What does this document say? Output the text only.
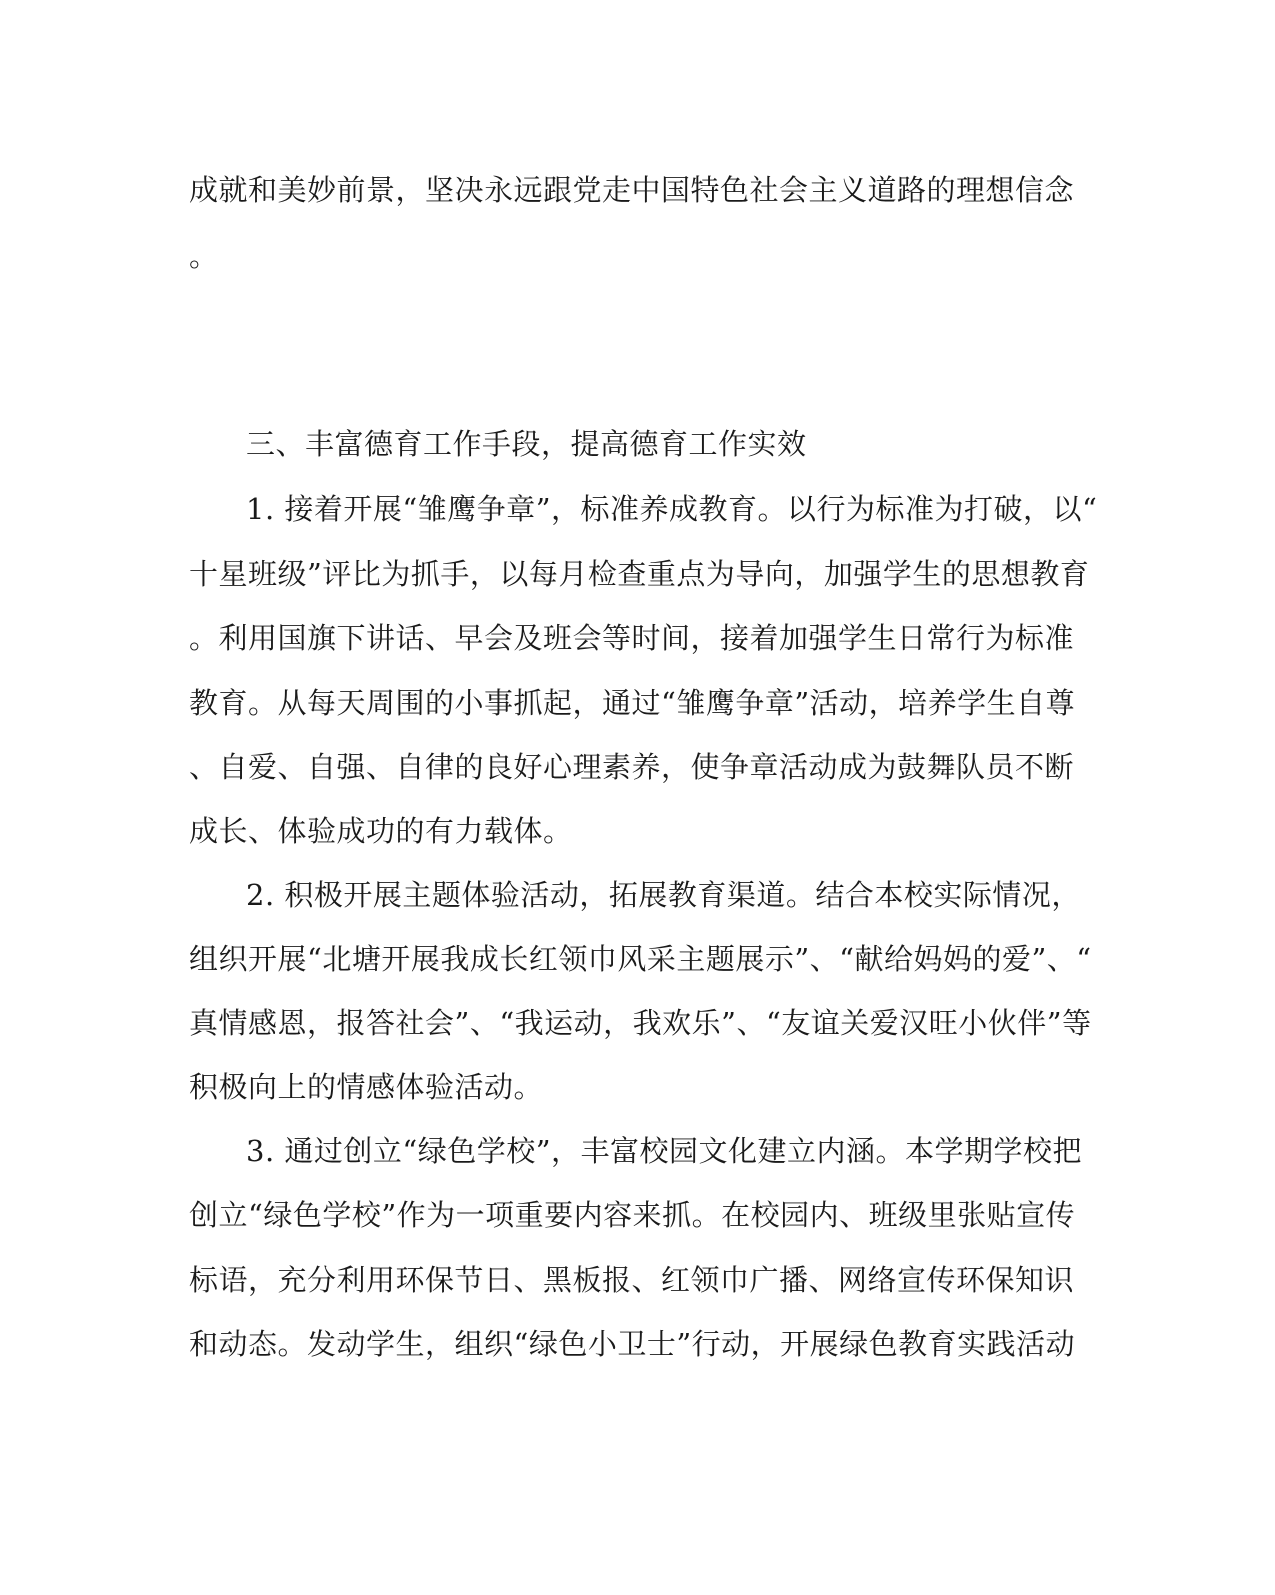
成就和美妙前景，坚决永远跟党走中国特色社会主义道路的理想信念
。
三、丰富德育工作手段，提高德育工作实效
1. 接着开展“雏鹰争章”，标准养成教育。以行为标准为打破，以“
十星班级”评比为抓手，以每月检查重点为导向，加强学生的思想教育
。利用国旗下讲话、早会及班会等时间，接着加强学生日常行为标准
教育。从每天周围的小事抓起，通过“雏鹰争章”活动，培养学生自尊
、自爱、自强、自律的良好心理素养，使争章活动成为鼓舞队员不断
成长、体验成功的有力载体。
2. 积极开展主题体验活动，拓展教育渠道。结合本校实际情况，
组织开展“北塘开展我成长红领巾风采主题展示”、“献给妈妈的爱”、“
真情感恩，报答社会”、“我运动，我欢乐”、“友谊关爱汉旺小伙伴”等
积极向上的情感体验活动。
3. 通过创立“绿色学校”，丰富校园文化建立内涵。本学期学校把
创立“绿色学校”作为一项重要内容来抓。在校园内、班级里张贴宣传
标语，充分利用环保节日、黑板报、红领巾广播、网络宣传环保知识
和动态。发动学生，组织“绿色小卫士”行动，开展绿色教育实践活动
